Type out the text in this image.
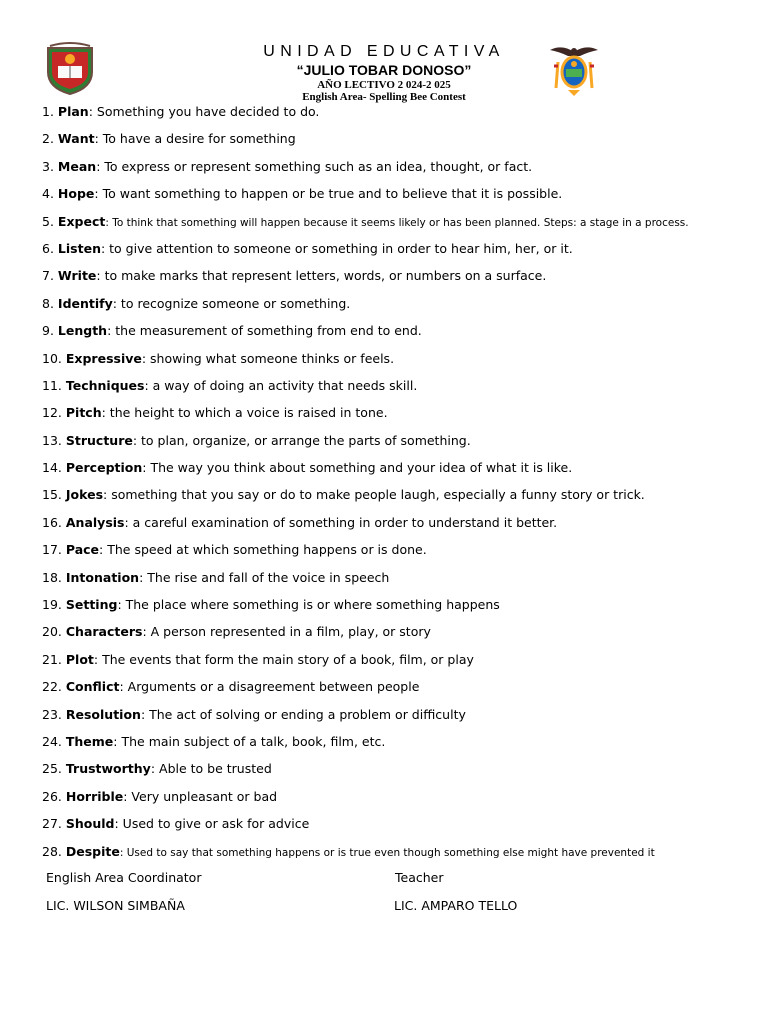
UNIDAD EDUCATIVA
“JULIO TOBAR DONOSO”
AÑO LECTIVO 2 024-2 025
English Area- Spelling Bee Contest
1. Plan: Something you have decided to do.
2. Want: To have a desire for something
3. Mean: To express or represent something such as an idea, thought, or fact.
4. Hope: To want something to happen or be true and to believe that it is possible.
5. Expect: To think that something will happen because it seems likely or has been planned. Steps: a stage in a process.
6. Listen: to give attention to someone or something in order to hear him, her, or it.
7. Write: to make marks that represent letters, words, or numbers on a surface.
8. Identify: to recognize someone or something.
9. Length: the measurement of something from end to end.
10. Expressive: showing what someone thinks or feels.
11. Techniques: a way of doing an activity that needs skill.
12. Pitch: the height to which a voice is raised in tone.
13. Structure: to plan, organize, or arrange the parts of something.
14. Perception: The way you think about something and your idea of what it is like.
15. Jokes: something that you say or do to make people laugh, especially a funny story or trick.
16. Analysis: a careful examination of something in order to understand it better.
17. Pace: The speed at which something happens or is done.
18. Intonation: The rise and fall of the voice in speech
19. Setting: The place where something is or where something happens
20. Characters: A person represented in a film, play, or story
21. Plot: The events that form the main story of a book, film, or play
22. Conflict: Arguments or a disagreement between people
23. Resolution: The act of solving or ending a problem or difficulty
24. Theme: The main subject of a talk, book, film, etc.
25. Trustworthy: Able to be trusted
26. Horrible: Very unpleasant or bad
27. Should: Used to give or ask for advice
28. Despite: Used to say that something happens or is true even though something else might have prevented it
English Area Coordinator	Teacher
LIC. WILSON SIMBAÑA	LIC. AMPARO TELLO
